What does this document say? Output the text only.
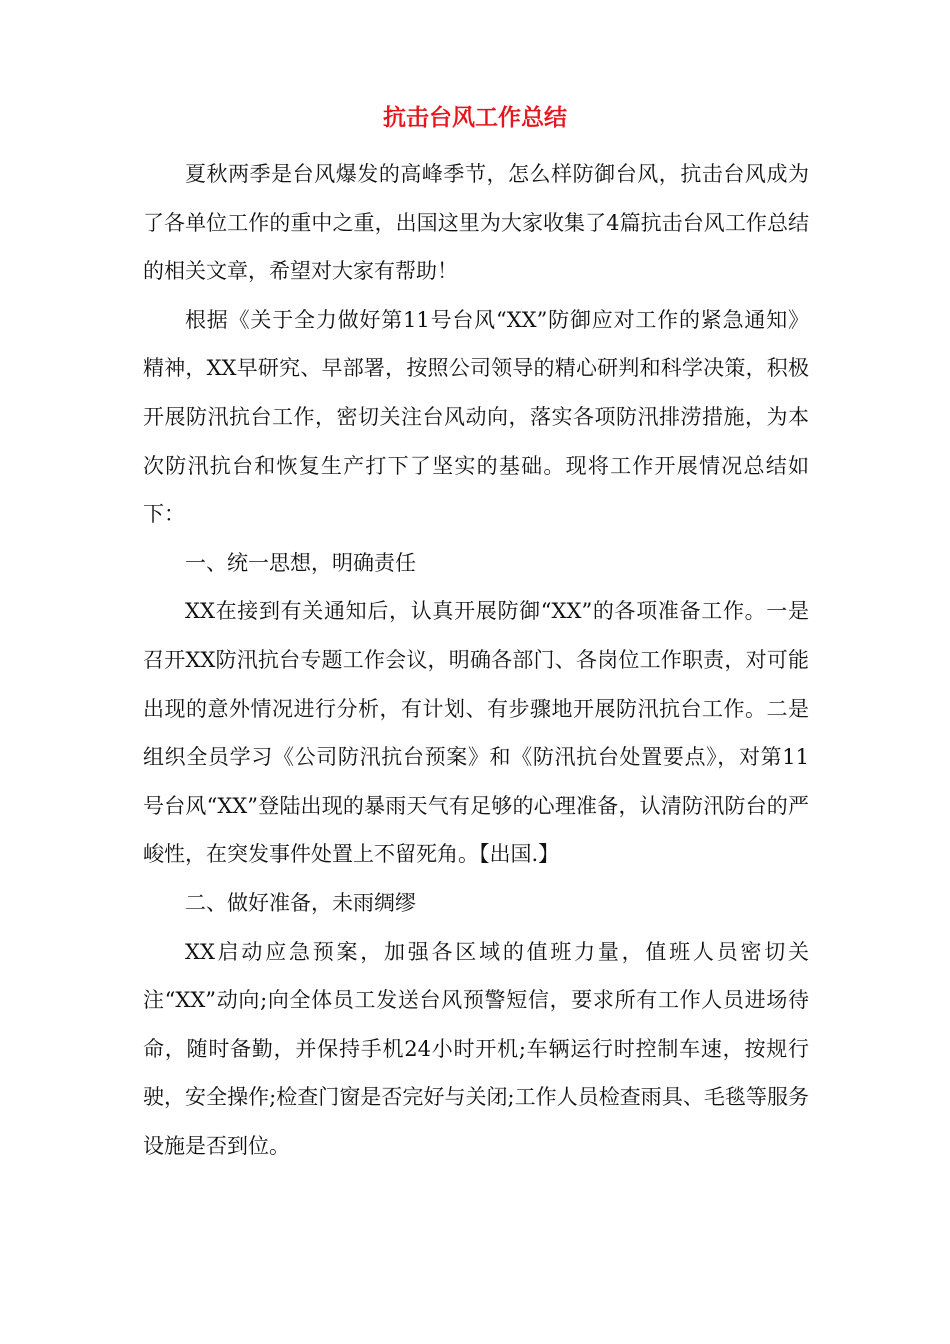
抗击台风工作总结

夏秋两季是台风爆发的高峰季节，怎么样防御台风，抗击台风成为了各单位工作的重中之重，出国这里为大家收集了4篇抗击台风工作总结的相关文章，希望对大家有帮助！

根据《关于全力做好第11号台风“XX”防御应对工作的紧急通知》精神，XX早研究、早部署，按照公司领导的精心研判和科学决策，积极开展防汛抗台工作，密切关注台风动向，落实各项防汛排涝措施，为本次防汛抗台和恢复生产打下了坚实的基础。现将工作开展情况总结如下：

一、统一思想，明确责任

XX在接到有关通知后，认真开展防御“XX”的各项准备工作。一是召开XX防汛抗台专题工作会议，明确各部门、各岗位工作职责，对可能出现的意外情况进行分析，有计划、有步骤地开展防汛抗台工作。二是组织全员学习《公司防汛抗台预案》和《防汛抗台处置要点》，对第11号台风“XX”登陆出现的暴雨天气有足够的心理准备，认清防汛防台的严峻性，在突发事件处置上不留死角。【出国.】

二、做好准备，未雨绸缪

XX启动应急预案，加强各区域的值班力量，值班人员密切关注“XX”动向;向全体员工发送台风预警短信，要求所有工作人员进场待命，随时备勤，并保持手机24小时开机;车辆运行时控制车速，按规行驶，安全操作;检查门窗是否完好与关闭;工作人员检查雨具、毛毯等服务设施是否到位。
